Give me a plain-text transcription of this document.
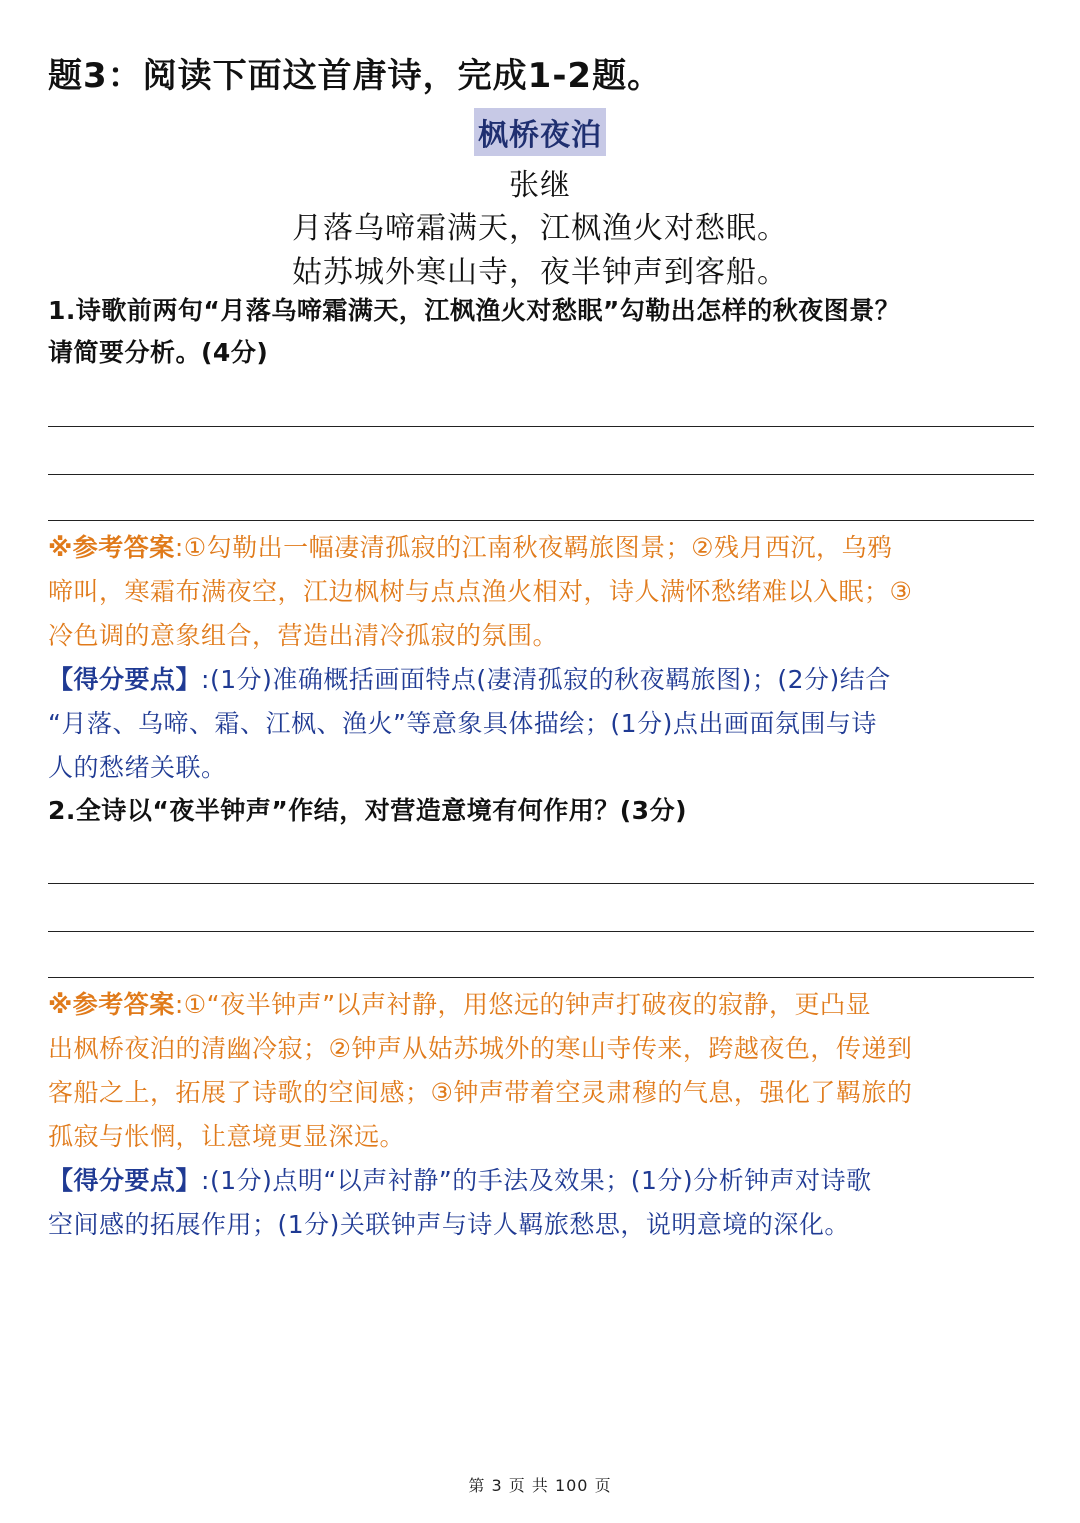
题3：阅读下面这首唐诗，完成1-2题。
枫桥夜泊
张继
月落乌啼霜满天，江枫渔火对愁眠。
姑苏城外寒山寺，夜半钟声到客船。
1.诗歌前两句“月落乌啼霜满天，江枫渔火对愁眠”勾勒出怎样的秋夜图景？
请简要分析。(4分)
※参考答案:①勾勒出一幅凄清孤寂的江南秋夜羁旅图景；②残月西沉，乌鸦
啼叫，寒霜布满夜空，江边枫树与点点渔火相对，诗人满怀愁绪难以入眠；③
冷色调的意象组合，营造出清冷孤寂的氛围。
【得分要点】:(1分)准确概括画面特点(凄清孤寂的秋夜羁旅图)；(2分)结合
“月落、乌啼、霜、江枫、渔火”等意象具体描绘；(1分)点出画面氛围与诗
人的愁绪关联。
2.全诗以“夜半钟声”作结，对营造意境有何作用？(3分)
※参考答案:①“夜半钟声”以声衬静，用悠远的钟声打破夜的寂静，更凸显
出枫桥夜泊的清幽冷寂；②钟声从姑苏城外的寒山寺传来，跨越夜色，传递到
客船之上，拓展了诗歌的空间感；③钟声带着空灵肃穆的气息，强化了羁旅的
孤寂与怅惘，让意境更显深远。
【得分要点】:(1分)点明“以声衬静”的手法及效果；(1分)分析钟声对诗歌
空间感的拓展作用；(1分)关联钟声与诗人羁旅愁思，说明意境的深化。
第 3 页 共 100 页
